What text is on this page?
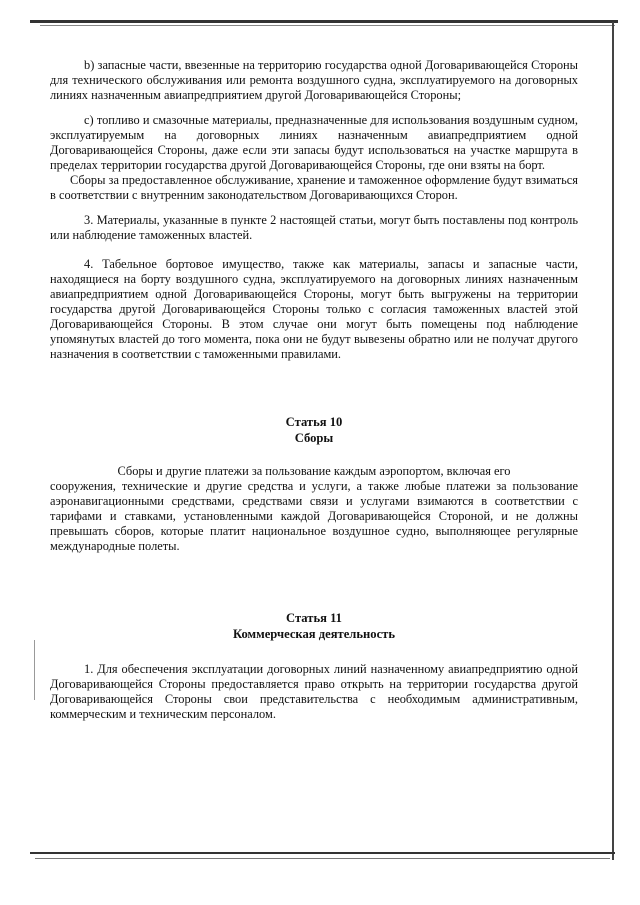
b) запасные части, ввезенные на территорию государства одной Договаривающейся Стороны для технического обслуживания или ремонта воздушного судна, эксплуатируемого на договорных линиях назначенным авиапредприятием другой Договаривающейся Стороны;

c) топливо и смазочные материалы, предназначенные для использования воздушным судном, эксплуатируемым на договорных линиях назначенным авиапредприятием одной Договаривающейся Стороны, даже если эти запасы будут использоваться на участке маршрута в пределах территории государства другой Договаривающейся Стороны, где они взяты на борт.

Сборы за предоставленное обслуживание, хранение и таможенное оформление будут взиматься в соответствии с внутренним законодательством Договаривающихся Сторон.

3. Материалы, указанные в пункте 2 настоящей статьи, могут быть поставлены под контроль или наблюдение таможенных властей.

4. Табельное бортовое имущество, также как материалы, запасы и запасные части, находящиеся на борту воздушного судна, эксплуатируемого на договорных линиях назначенным авиапредприятием одной Договаривающейся Стороны, могут быть выгружены на территории государства другой Договаривающейся Стороны только с согласия таможенных властей этой Договаривающейся Стороны. В этом случае они могут быть помещены под наблюдение упомянутых властей до того момента, пока они не будут вывезены обратно или не получат другого назначения в соответствии с таможенными правилами.

Статья 10

Сборы

Сборы и другие платежи за пользование каждым аэропортом, включая его

сооружения, технические и другие средства и услуги, а также любые платежи за пользование аэронавигационными средствами, средствами связи и услугами взимаются в соответствии с тарифами и ставками, установленными каждой Договаривающейся Стороной, и не должны превышать сборов, которые платит национальное воздушное судно, выполняющее регулярные международные полеты.

Статья 11

Коммерческая деятельность

1. Для обеспечения эксплуатации договорных линий назначенному авиапредприятию одной Договаривающейся Стороны предоставляется право открыть на территории государства другой Договаривающейся Стороны свои представительства с необходимым административным, коммерческим и техническим персоналом.
